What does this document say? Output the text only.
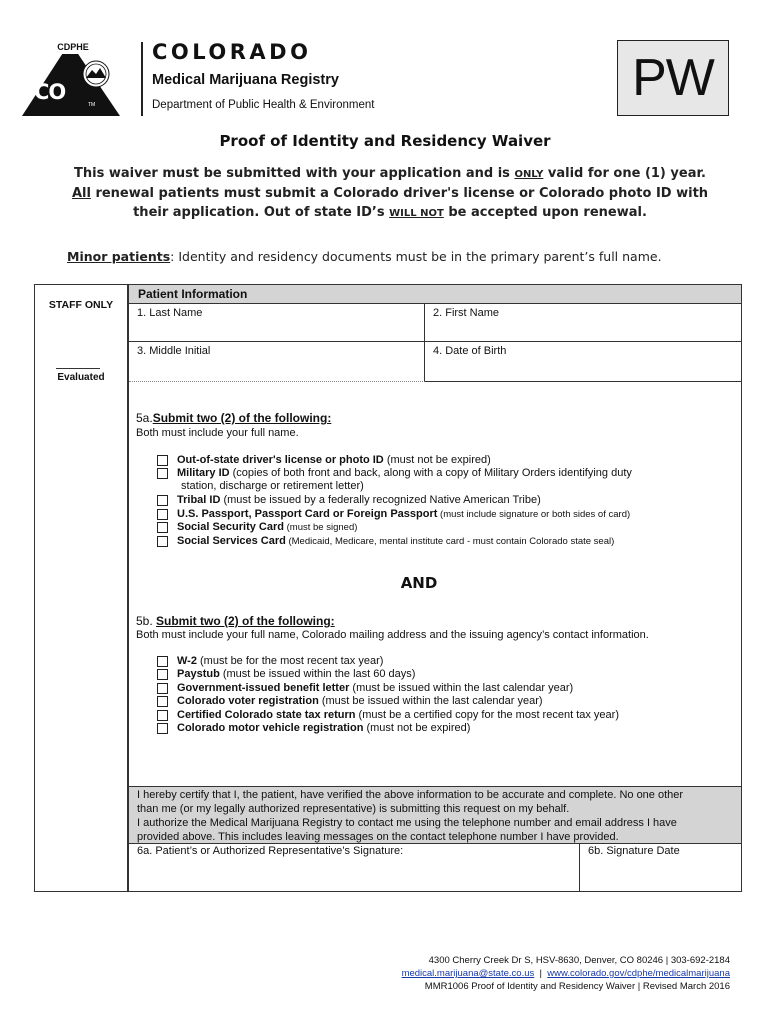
CDPHE
CO
TM
COLORADO
Medical Marijuana Registry
Department of Public Health & Environment	PW
Proof of Identity and Residency Waiver
This waiver must be submitted with your application and is ONLY valid for one (1) year.
All renewal patients must submit a Colorado driver's license or Colorado photo ID with
their application. Out of state ID’s WILL NOT be accepted upon renewal.
Minor patients: Identity and residency documents must be in the primary parent’s full name.
STAFF ONLY
Evaluated
Patient Information
1. Last Name	2. First Name
3. Middle Initial	4. Date of Birth
5a.Submit two (2) of the following:
Both must include your full name.
Out-of-state driver's license or photo ID (must not be expired)
Military ID (copies of both front and back, along with a copy of Military Orders identifying duty
station, discharge or retirement letter)
Tribal ID (must be issued by a federally recognized Native American Tribe)
U.S. Passport, Passport Card or Foreign Passport (must include signature or both sides of card)
Social Security Card (must be signed)
Social Services Card (Medicaid, Medicare, mental institute card - must contain Colorado state seal)
AND
5b. Submit two (2) of the following:
Both must include your full name, Colorado mailing address and the issuing agency’s contact information.
W-2 (must be for the most recent tax year)
Paystub (must be issued within the last 60 days)
Government-issued benefit letter (must be issued within the last calendar year)
Colorado voter registration (must be issued within the last calendar year)
Certified Colorado state tax return (must be a certified copy for the most recent tax year)
Colorado motor vehicle registration (must not be expired)
I hereby certify that I, the patient, have verified the above information to be accurate and complete. No one other
than me (or my legally authorized representative) is submitting this request on my behalf.
I authorize the Medical Marijuana Registry to contact me using the telephone number and email address I have
provided above. This includes leaving messages on the contact telephone number I have provided.
6a. Patient’s or Authorized Representative’s Signature:	6b. Signature Date
4300 Cherry Creek Dr S, HSV-8630, Denver, CO 80246 | 303-692-2184
medical.marijuana@state.co.us  |  www.colorado.gov/cdphe/medicalmarijuana
MMR1006 Proof of Identity and Residency Waiver | Revised March 2016
